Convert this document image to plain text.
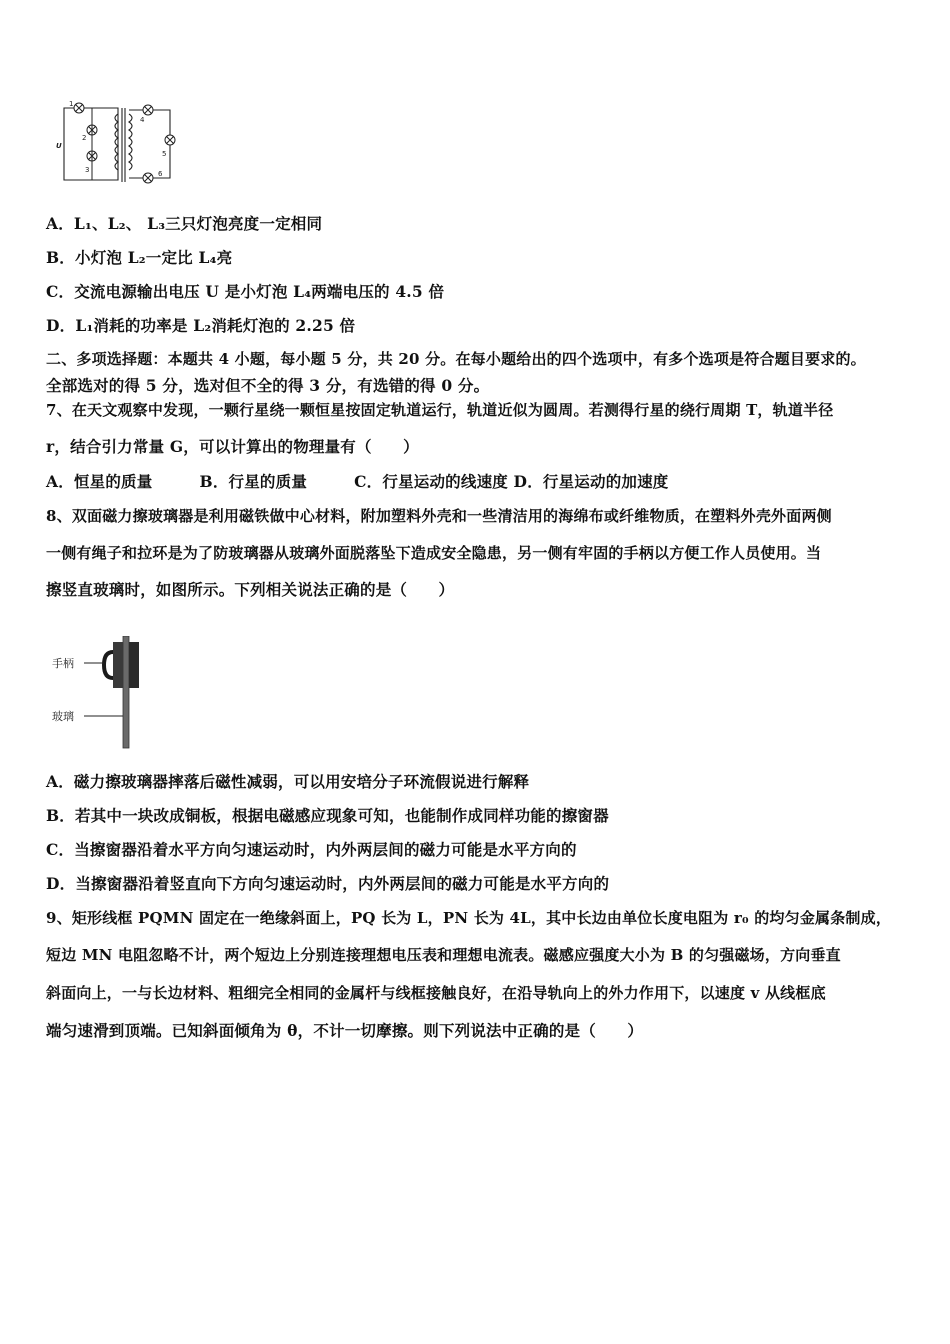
U
1
2
3
4
5
6
A．L₁、L₂、 L₃三只灯泡亮度一定相同
B．小灯泡 L₂一定比 L₄亮
C．交流电源输出电压 U 是小灯泡 L₄两端电压的 4.5 倍
D．L₁消耗的功率是 L₂消耗灯泡的 2.25 倍
二、多项选择题：本题共 4 小题，每小题 5 分，共 20 分。在每小题给出的四个选项中，有多个选项是符合题目要求的。
全部选对的得 5 分，选对但不全的得 3 分，有选错的得 0 分。
7、在天文观察中发现，一颗行星绕一颗恒星按固定轨道运行，轨道近似为圆周。若测得行星的绕行周期 T，轨道半径
r，结合引力常量 G，可以计算出的物理量有（　　）
A．恒星的质量　　　B．行星的质量　　　C．行星运动的线速度 D．行星运动的加速度
8、双面磁力擦玻璃器是利用磁铁做中心材料，附加塑料外壳和一些清洁用的海绵布或纤维物质，在塑料外壳外面两侧
一侧有绳子和拉环是为了防玻璃器从玻璃外面脱落坠下造成安全隐患，另一侧有牢固的手柄以方便工作人员使用。当
擦竖直玻璃时，如图所示。下列相关说法正确的是（　　）
手柄
玻璃
A．磁力擦玻璃器摔落后磁性减弱，可以用安培分子环流假说进行解释
B．若其中一块改成铜板，根据电磁感应现象可知，也能制作成同样功能的擦窗器
C．当擦窗器沿着水平方向匀速运动时，内外两层间的磁力可能是水平方向的
D．当擦窗器沿着竖直向下方向匀速运动时，内外两层间的磁力可能是水平方向的
9、矩形线框 PQMN 固定在一绝缘斜面上，PQ 长为 L，PN 长为 4L，其中长边由单位长度电阻为 r₀ 的均匀金属条制成，
短边 MN 电阻忽略不计，两个短边上分别连接理想电压表和理想电流表。磁感应强度大小为 B 的匀强磁场，方向垂直
斜面向上，一与长边材料、粗细完全相同的金属杆与线框接触良好，在沿导轨向上的外力作用下，以速度 v 从线框底
端匀速滑到顶端。已知斜面倾角为 θ，不计一切摩擦。则下列说法中正确的是（　　）
